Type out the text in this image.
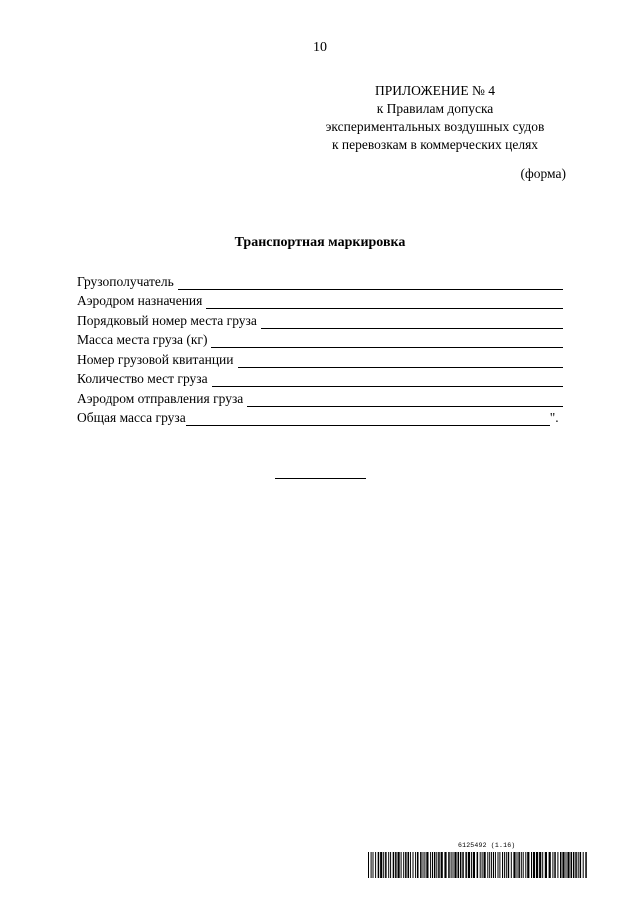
10
ПРИЛОЖЕНИЕ № 4
к Правилам допуска
экспериментальных воздушных судов
к перевозкам в коммерческих целях
(форма)
Транспортная маркировка
Грузополучатель
Аэродром назначения
Порядковый номер места груза
Масса места груза (кг)
Номер грузовой квитанции
Количество мест груза
Аэродром отправления груза
Общая масса груза	".
6125492 (1.16)
